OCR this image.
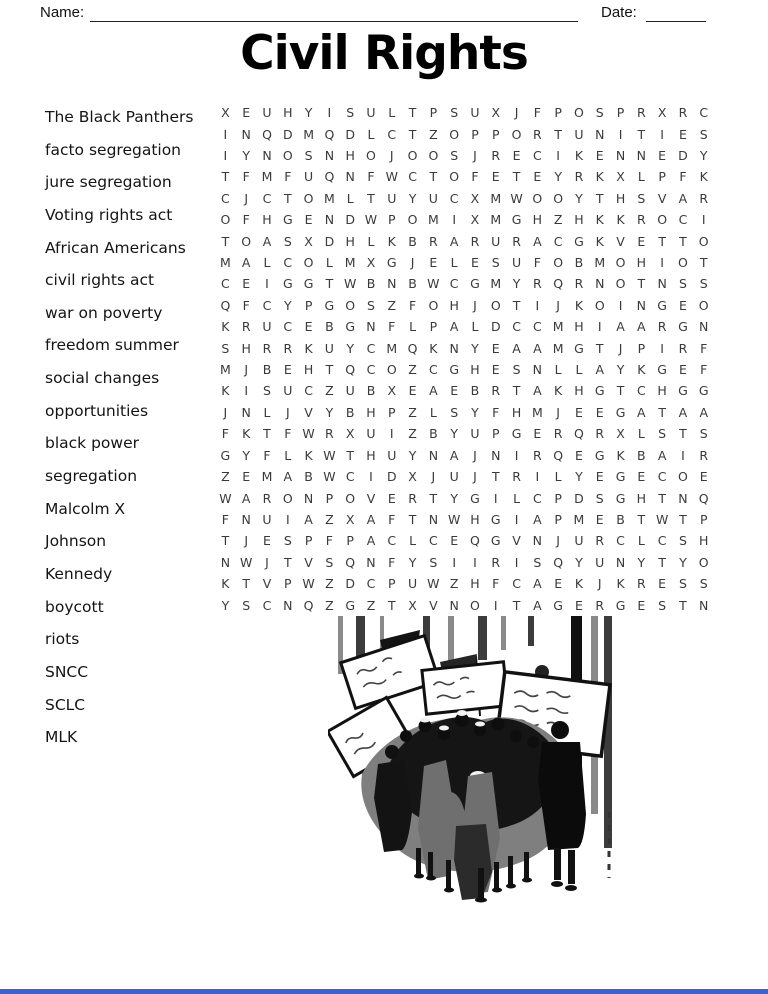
Name:	Date:
Civil Rights
The Black Panthers
facto segregation
jure segregation
Voting rights act
African Americans
civil rights act
war on poverty
freedom summer
social changes
opportunities
black power
segregation
Malcolm X
Johnson
Kennedy
boycott
riots
SNCC
SCLC
MLK
X	E U H Y	I	S U	L	T	P	S U X	J	F	P O S	P	R X R C
I	N Q D M Q D L	C	T	Z O P	P O R	T U N	I	T	I	E	S
I	Y N O S N H O	J	O O S	J	R	E C	I	K	E N N E D Y
T	F M F	U Q N	F W C	T O F	E	T	E	Y	R K X	L	P	F	K
C	J	C	T O M L	T U Y U C X M W O O Y	T H S	V A R
O F H G E N D W P O M	I	X M G H Z H K	K R O C	I
T O A	S	X D H	L	K B R A R U R A C G K V	E	T	T O
M A	L	C O L M X G	J	E	L	E	S U	F O B M O H	I	O T
C E	I	G G T W B N B W C G M Y	R Q R N O T N S	S
Q F	C	Y	P G O S	Z	F O H	J	O T	I	J	K O	I	N G E O
K R U C E	B G N	F	L	P	A	L	D C C M H	I	A A R G N
S H R R K U Y	C M Q K N Y	E	A A M G T	J	P	I	R	F
M	J	B	E H T Q C O Z C G H E	S N	L	L	A	Y	K G E	F
K	I	S U C Z U B X	E	A	E	B R	T	A K H G T	C H G G
J	N	L	J	V	Y	B H P	Z	L	S	Y	F H M	J	E	E G A	T	A A
F	K	T	F W R X U	I	Z B	Y U P G E	R Q R X	L	S	T	S
G Y	F	L	K W T H U Y N A	J	N	I	R Q E G K B A	I	R
Z	E M A B W C	I	D X	J	U	J	T	R	I	L	Y	E G E C O E
W A R O N P O V	E	R	T	Y G	I	L	C	P D S G H T N Q
F	N U	I	A Z X A	F	T N W H G	I	A	P M E	B	T W T	P
T	J	E	S	P	F	P	A C	L	C E Q G V N	J	U R C	L	C S H
N W	J	T	V	S Q N	F	Y	S	I	I	R	I	S Q Y U N Y	T	Y O
K	T	V	P W Z D C	P U W Z H	F	C A	E	K	J	K R	E	S	S
Y	S C N Q Z G Z	T	X V N O	I	T	A G E	R G E	S	T N
